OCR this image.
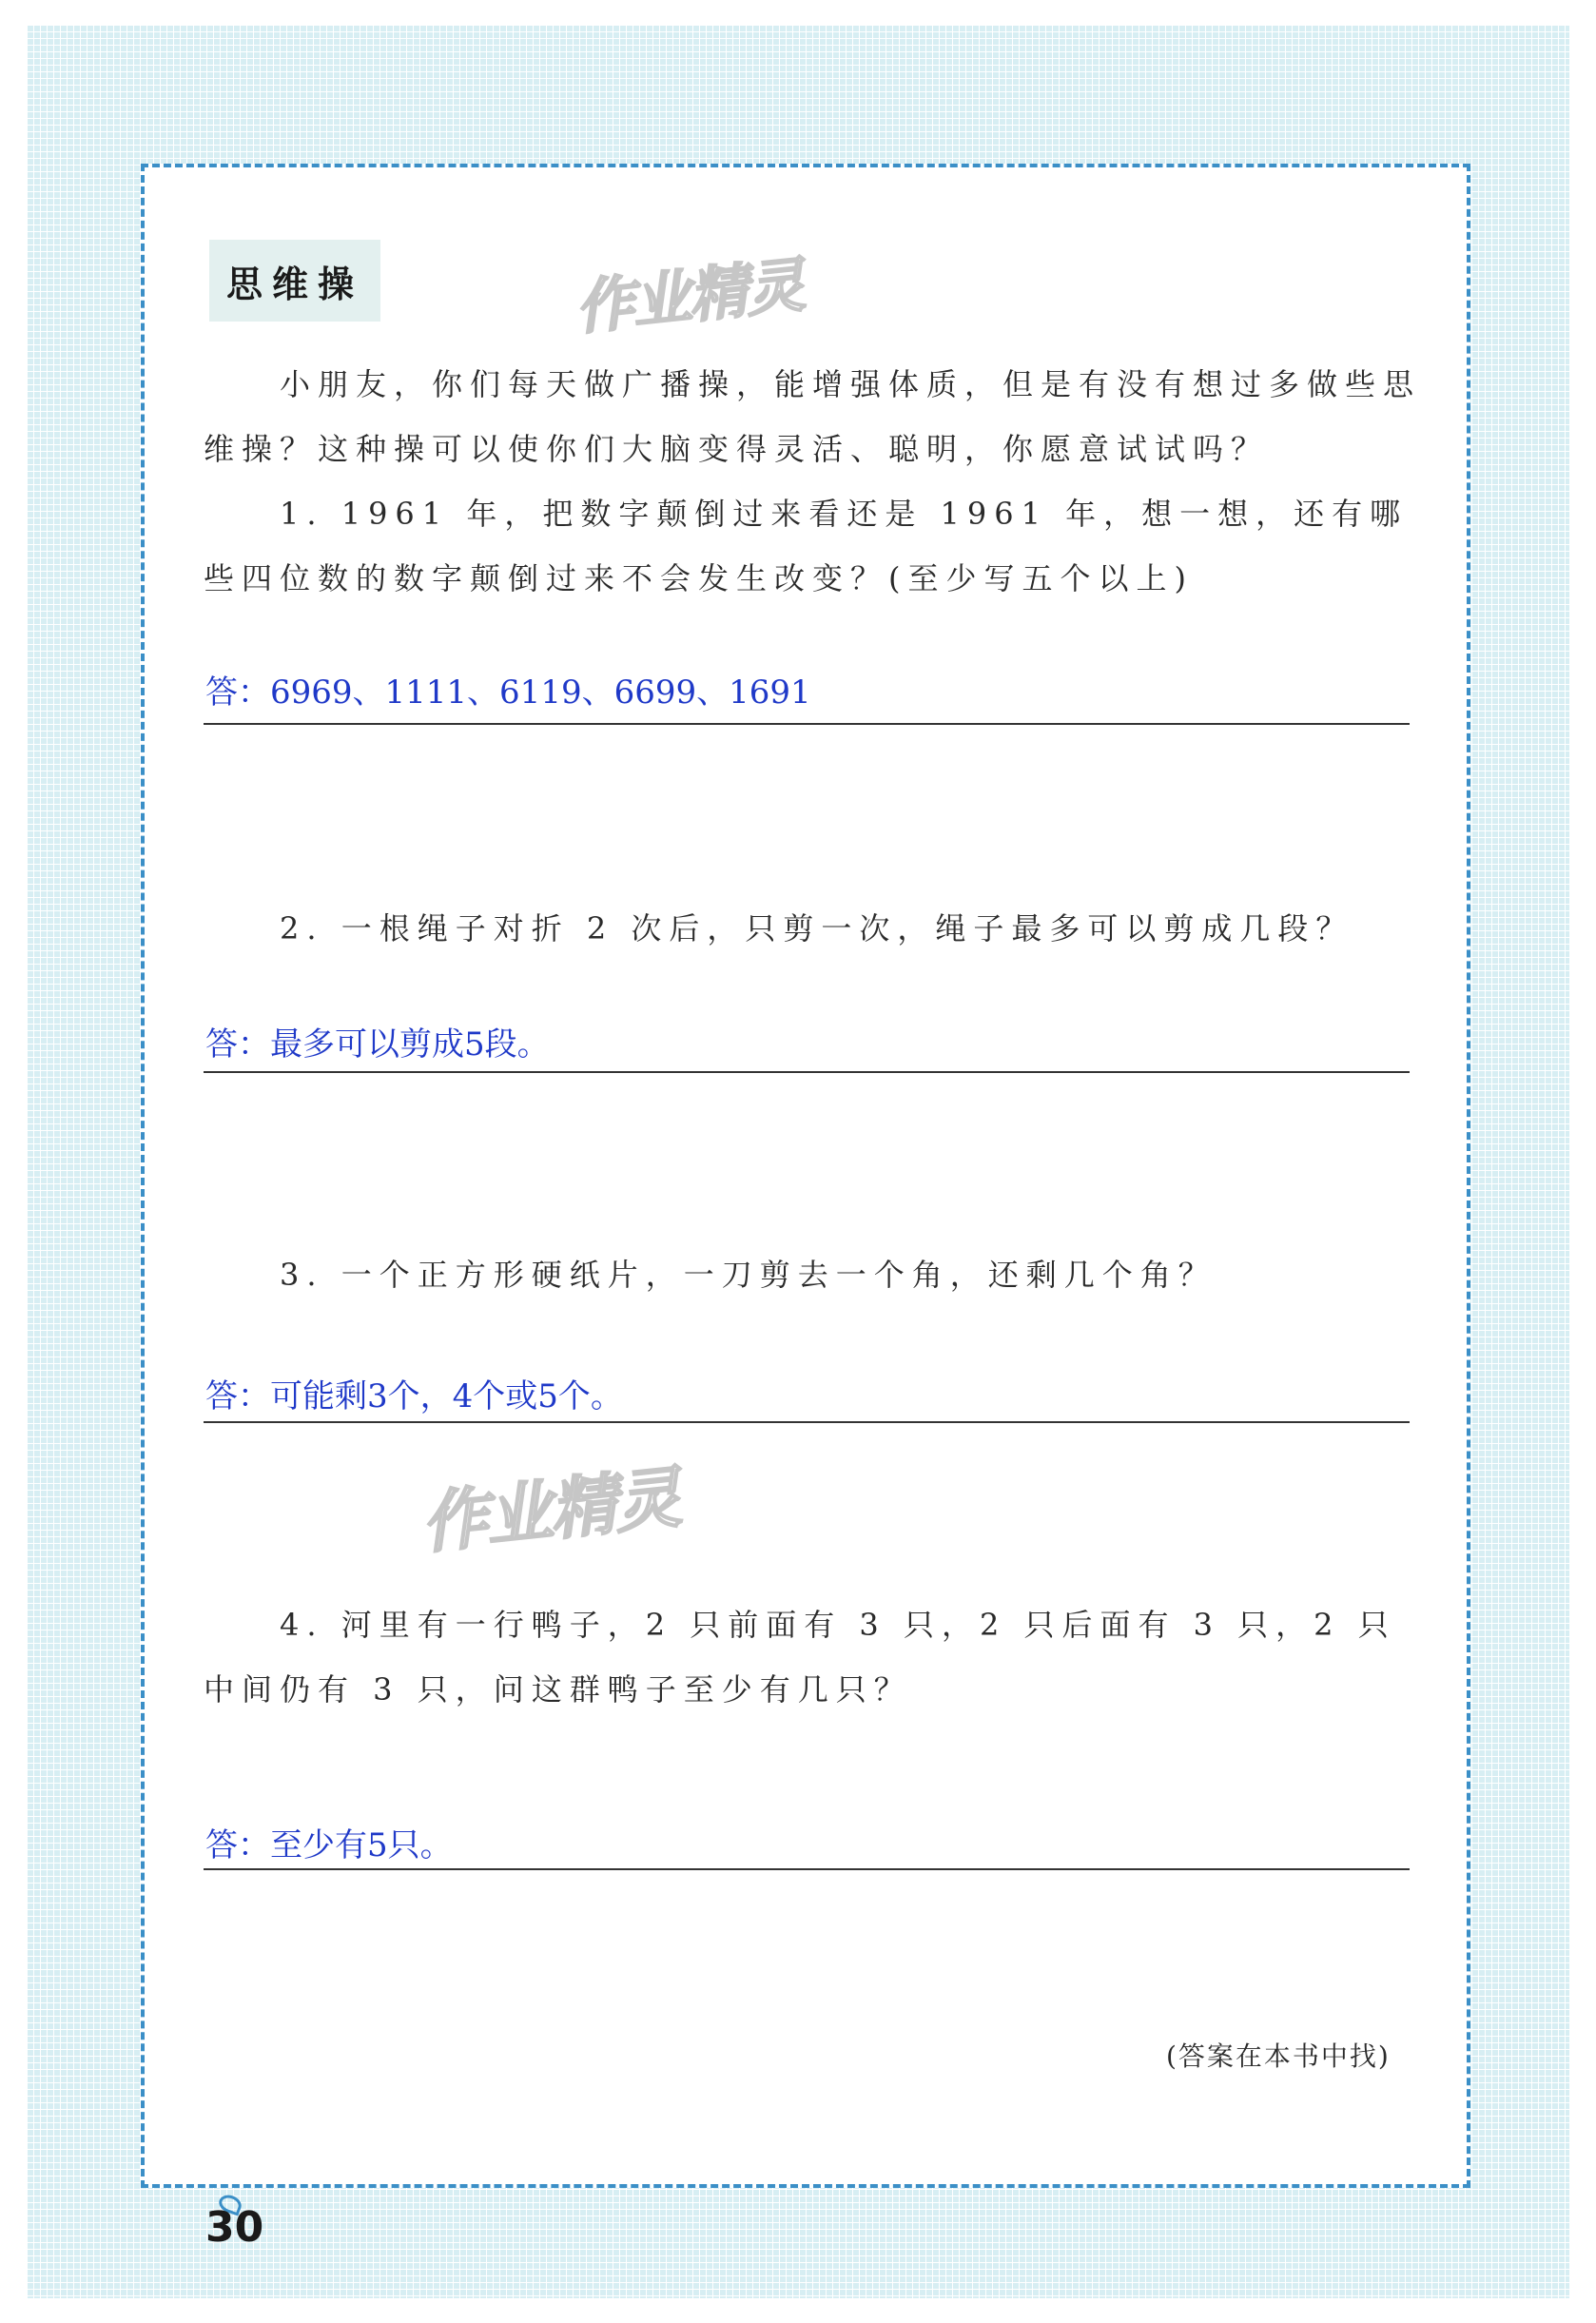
思维操	作业精灵

小朋友，你们每天做广播操，能增强体质，但是有没有想过多做些思维操？这种操可以使你们大脑变得灵活、聪明，你愿意试试吗？

1. 1961 年，把数字颠倒过来看还是 1961 年，想一想，还有哪些四位数的数字颠倒过来不会发生改变？(至少写五个以上)

答：6969、1111、6119、6699、1691

2. 一根绳子对折 2 次后，只剪一次，绳子最多可以剪成几段？

答：最多可以剪成5段。

3. 一个正方形硬纸片，一刀剪去一个角，还剩几个角？

答：可能剩3个，4个或5个。
作业精灵

4. 河里有一行鸭子，2 只前面有 3 只，2 只后面有 3 只，2 只中间仍有 3 只，问这群鸭子至少有几只？

答：至少有5只。
(答案在本书中找)
30
